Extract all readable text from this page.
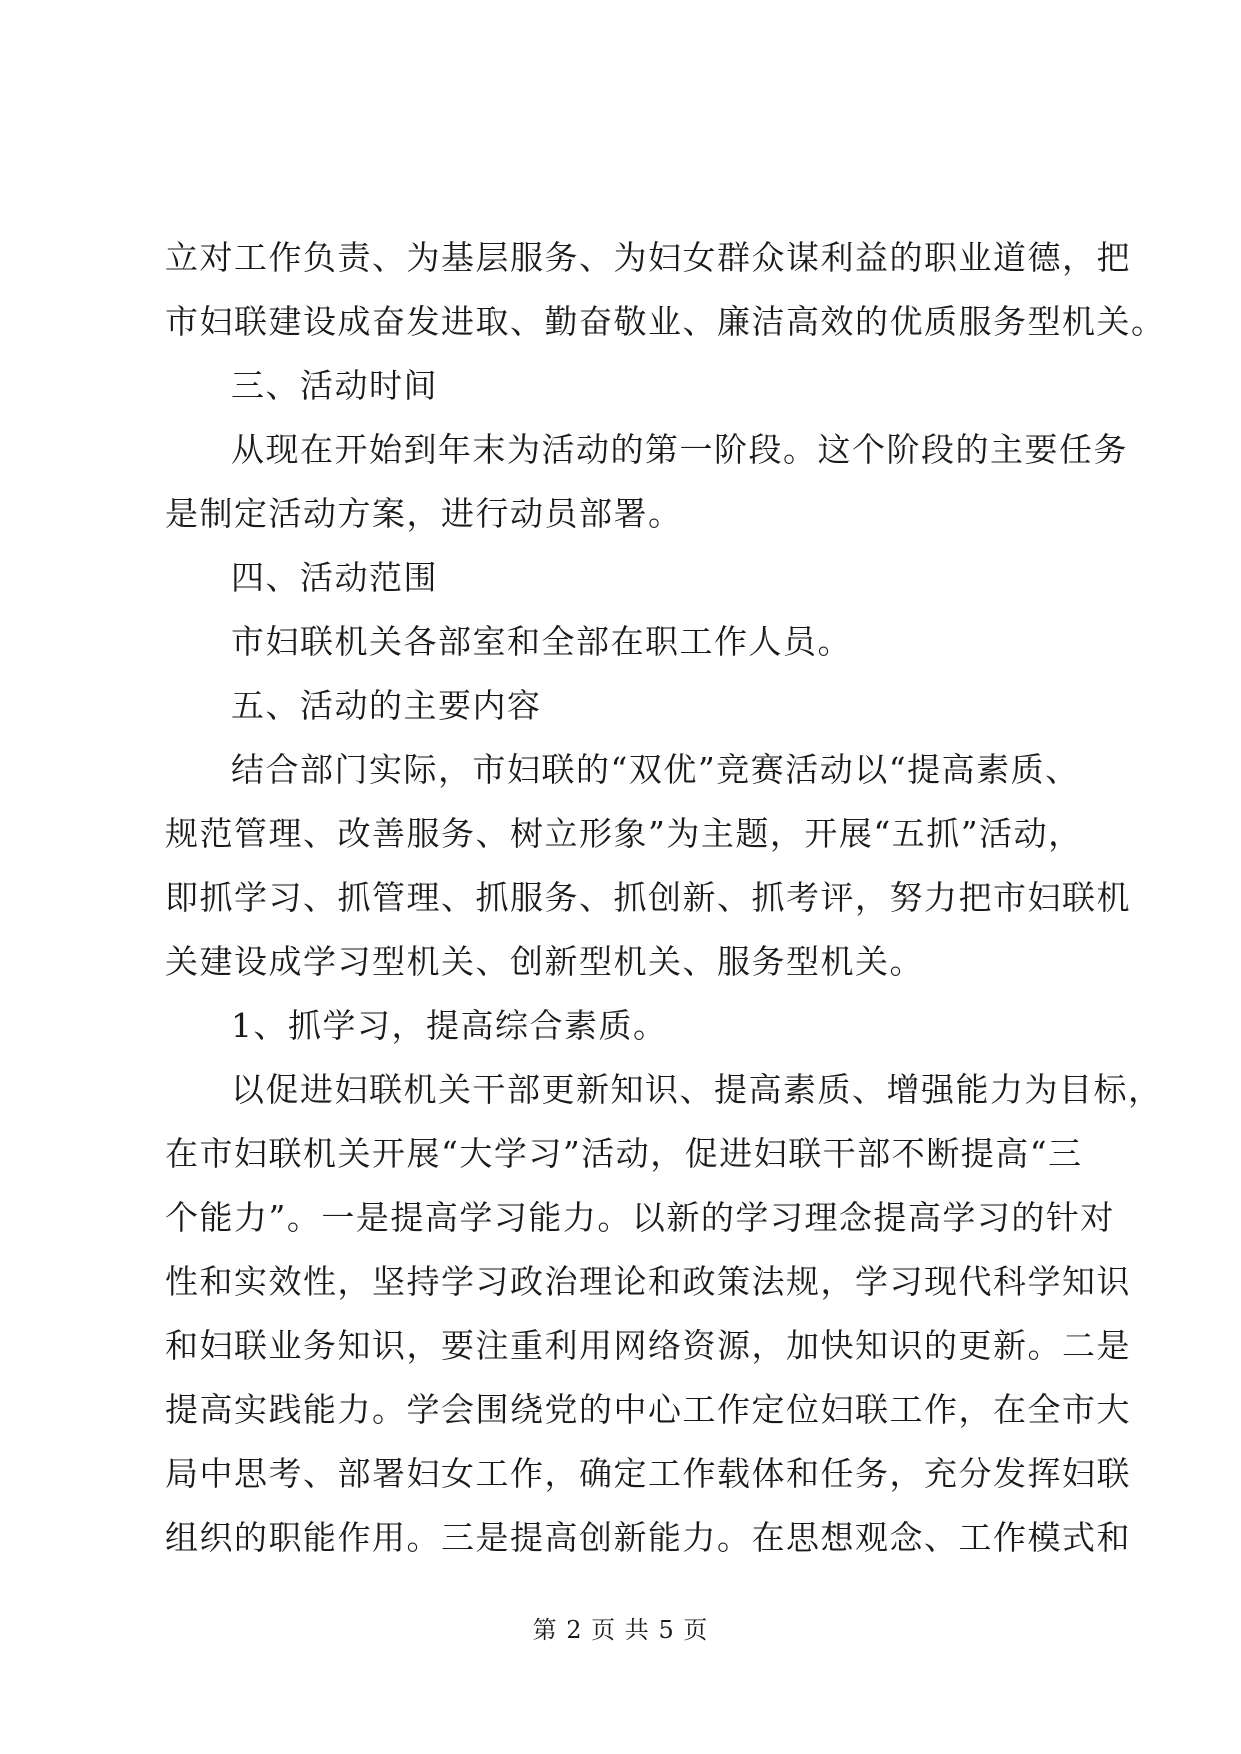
立对工作负责、为基层服务、为妇女群众谋利益的职业道德，把

市妇联建设成奋发进取、勤奋敬业、廉洁高效的优质服务型机关。

三、活动时间

从现在开始到年末为活动的第一阶段。这个阶段的主要任务

是制定活动方案，进行动员部署。

四、活动范围

市妇联机关各部室和全部在职工作人员。

五、活动的主要内容

结合部门实际，市妇联的“双优”竞赛活动以“提高素质、

规范管理、改善服务、树立形象”为主题，开展“五抓”活动，

即抓学习、抓管理、抓服务、抓创新、抓考评，努力把市妇联机

关建设成学习型机关、创新型机关、服务型机关。

1、抓学习，提高综合素质。

以促进妇联机关干部更新知识、提高素质、增强能力为目标，

在市妇联机关开展“大学习”活动，促进妇联干部不断提高“三

个能力”。一是提高学习能力。以新的学习理念提高学习的针对

性和实效性，坚持学习政治理论和政策法规，学习现代科学知识

和妇联业务知识，要注重利用网络资源，加快知识的更新。二是

提高实践能力。学会围绕党的中心工作定位妇联工作，在全市大

局中思考、部署妇女工作，确定工作载体和任务，充分发挥妇联

组织的职能作用。三是提高创新能力。在思想观念、工作模式和

第 2 页 共 5 页
